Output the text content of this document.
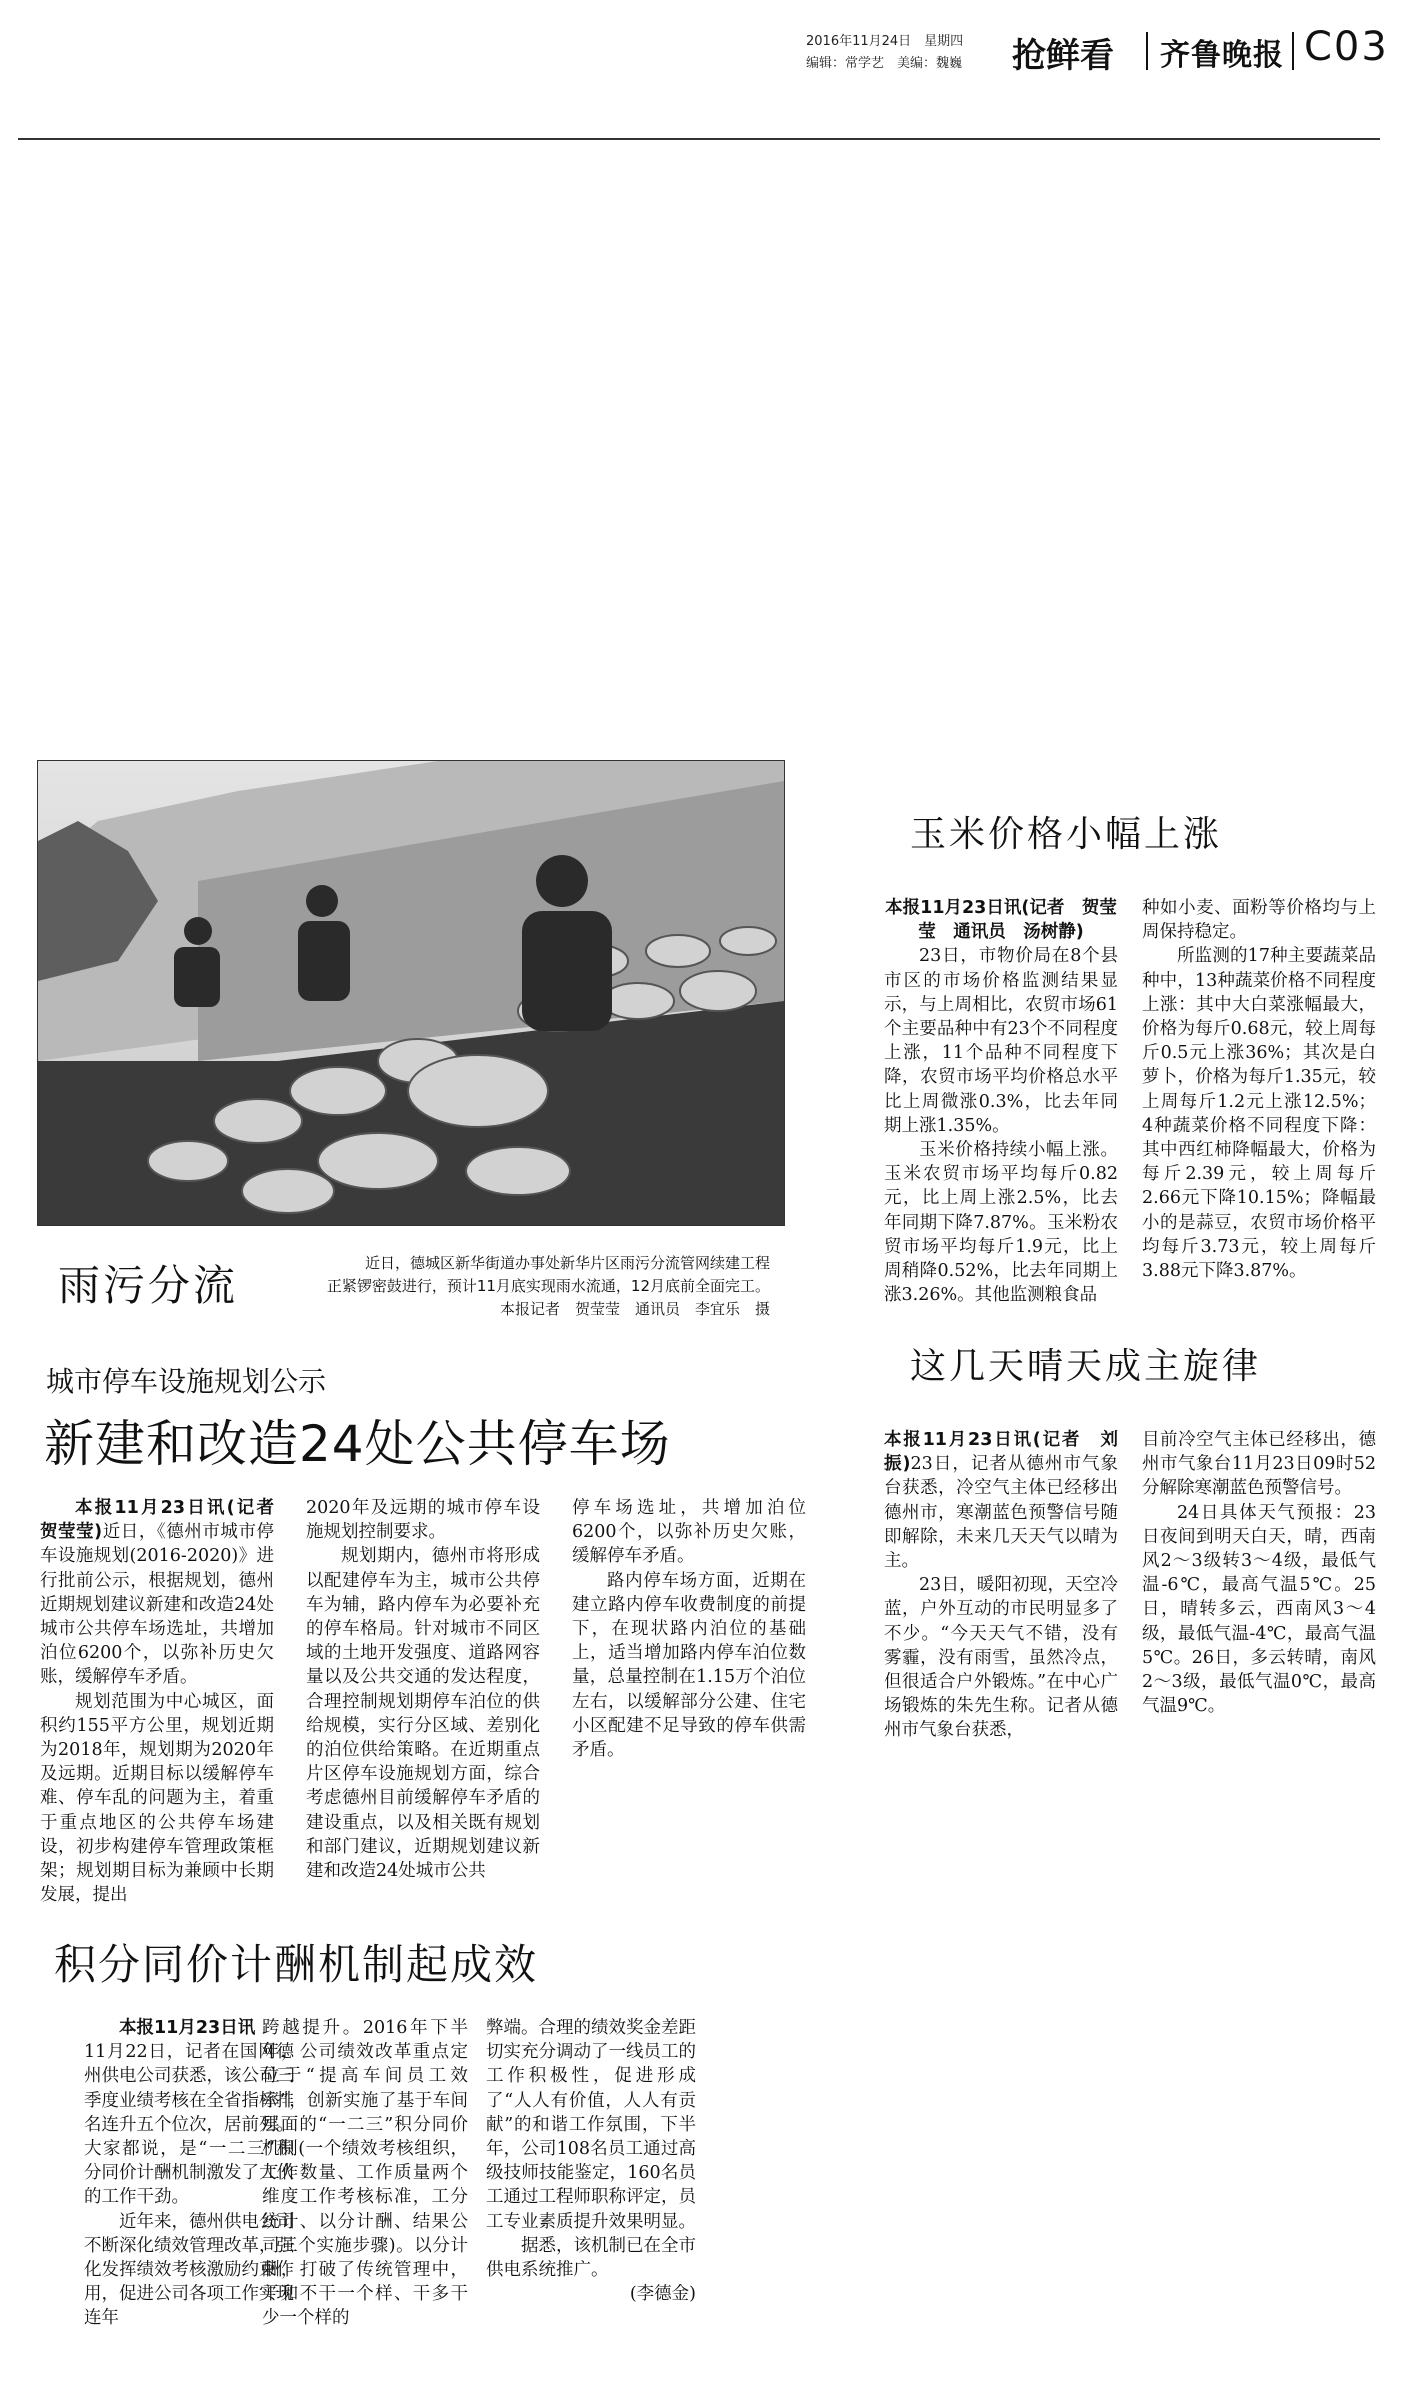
2016年11月24日　星期四
编辑：常学艺　美编：魏巍 抢鲜看 齐鲁晚报 C03
雨污分流	近日，德城区新华街道办事处新华片区雨污分流管网续建工程
正紧锣密鼓进行，预计11月底实现雨水流通，12月底前全面完工。
本报记者　贺莹莹　通讯员　李宜乐　摄
玉米价格小幅上涨

本报11月23日讯(记者　贺莹莹　通讯员　汤树静)

23日，市物价局在8个县市区的市场价格监测结果显示，与上周相比，农贸市场61个主要品种中有23个不同程度上涨，11个品种不同程度下降，农贸市场平均价格总水平比上周微涨0.3%，比去年同期上涨1.35%。

玉米价格持续小幅上涨。玉米农贸市场平均每斤0.82元，比上周上涨2.5%，比去年同期下降7.87%。玉米粉农贸市场平均每斤1.9元，比上周稍降0.52%，比去年同期上涨3.26%。其他监测粮食品

种如小麦、面粉等价格均与上周保持稳定。

所监测的17种主要蔬菜品种中，13种蔬菜价格不同程度上涨：其中大白菜涨幅最大，价格为每斤0.68元，较上周每斤0.5元上涨36%；其次是白萝卜，价格为每斤1.35元，较上周每斤1.2元上涨12.5%；4种蔬菜价格不同程度下降：其中西红柿降幅最大，价格为每斤2.39元，较上周每斤2.66元下降10.15%；降幅最小的是蒜豆，农贸市场价格平均每斤3.73元，较上周每斤3.88元下降3.87%。

这几天晴天成主旋律

本报11月23日讯(记者　刘振)23日，记者从德州市气象台获悉，冷空气主体已经移出德州市，寒潮蓝色预警信号随即解除，未来几天天气以晴为主。

23日，暖阳初现，天空冷蓝，户外互动的市民明显多了不少。“今天天气不错，没有雾霾，没有雨雪，虽然冷点，但很适合户外锻炼。”在中心广场锻炼的朱先生称。记者从德州市气象台获悉，

目前冷空气主体已经移出，德州市气象台11月23日09时52分解除寒潮蓝色预警信号。

24日具体天气预报：23日夜间到明天白天，晴，西南风2～3级转3～4级，最低气温-6℃，最高气温5℃。25日，晴转多云，西南风3～4级，最低气温-4℃，最高气温5℃。26日，多云转晴，南风2～3级，最低气温0℃，最高气温9℃。

城市停车设施规划公示
新建和改造24处公共停车场

本报11月23日讯(记者　贺莹莹)近日，《德州市城市停车设施规划(2016-2020)》进行批前公示，根据规划，德州近期规划建议新建和改造24处城市公共停车场选址，共增加泊位6200个，以弥补历史欠账，缓解停车矛盾。

规划范围为中心城区，面积约155平方公里，规划近期为2018年，规划期为2020年及远期。近期目标以缓解停车难、停车乱的问题为主，着重于重点地区的公共停车场建设，初步构建停车管理政策框架；规划期目标为兼顾中长期发展，提出

2020年及远期的城市停车设施规划控制要求。

规划期内，德州市将形成以配建停车为主，城市公共停车为辅，路内停车为必要补充的停车格局。针对城市不同区域的土地开发强度、道路网容量以及公共交通的发达程度，合理控制规划期停车泊位的供给规模，实行分区域、差别化的泊位供给策略。在近期重点片区停车设施规划方面，综合考虑德州目前缓解停车矛盾的建设重点，以及相关既有规划和部门建议，近期规划建议新建和改造24处城市公共

停车场选址，共增加泊位6200个，以弥补历史欠账，缓解停车矛盾。

路内停车场方面，近期在建立路内停车收费制度的前提下，在现状路内泊位的基础上，适当增加路内停车泊位数量，总量控制在1.15万个泊位左右，以缓解部分公建、住宅小区配建不足导致的停车供需矛盾。

积分同价计酬机制起成效

本报11月23日讯

11月22日，记者在国网德州供电公司获悉，该公司三季度业绩考核在全省指标排名连升五个位次，居前列。大家都说，是“一二三”积分同价计酬机制激发了大伙的工作干劲。

近年来，德州供电公司不断深化绩效管理改革，强化发挥绩效考核激励约束作用，促进公司各项工作实现连年

跨越提升。2016年下半年，公司绩效改革重点定位于“提高车间员工效率”，创新实施了基于车间层面的“一二三”积分同价机制(一个绩效考核组织，工作数量、工作质量两个维度工作考核标准，工分统计、以分计酬、结果公司三个实施步骤)。以分计酬，打破了传统管理中，干和不干一个样、干多干少一个样的

弊端。合理的绩效奖金差距切实充分调动了一线员工的工作积极性，促进形成了“人人有价值，人人有贡献”的和谐工作氛围，下半年，公司108名员工通过高级技师技能鉴定，160名员工通过工程师职称评定，员工专业素质提升效果明显。

据悉，该机制已在全市供电系统推广。

(李德金)
